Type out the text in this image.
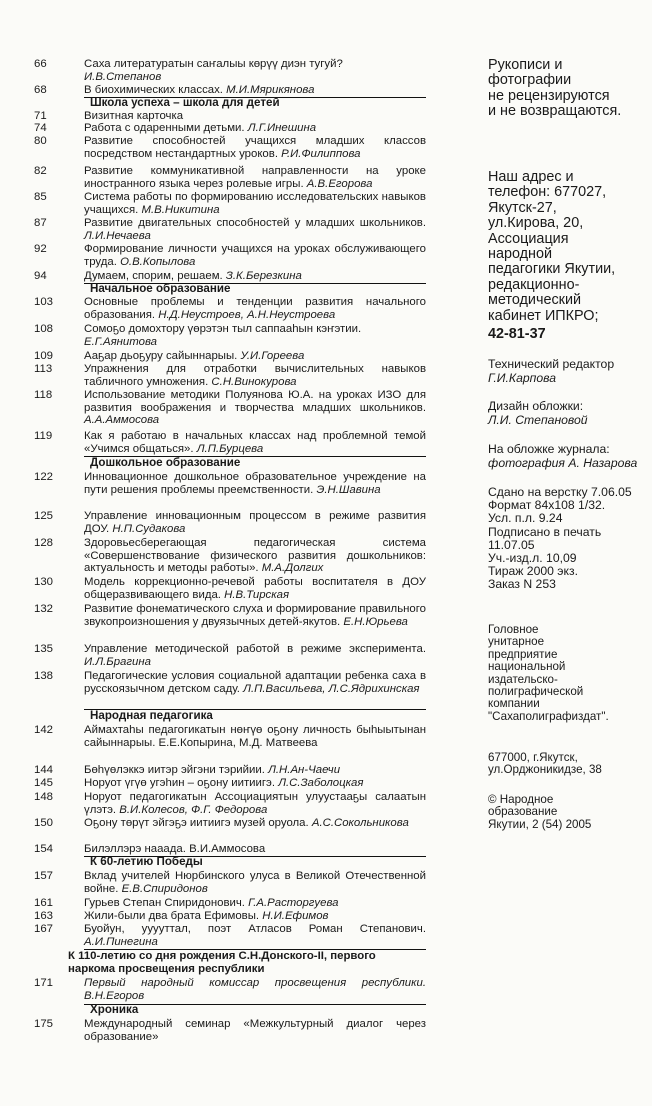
66	Саха литературатын саҥалыы көрүү диэн тугуй?
И.В.Степанов
68	В биохимических классах. М.И.Мярикянова
Школа успеха – школа для детей
71	Визитная карточка
74	Работа с одаренными детьми. Л.Г.Инешина
80	Развитие способностей учащихся младших классов посредством нестандартных уроков. Р.И.Филиппова
82	Развитие коммуникативной направленности на уроке иностранного языка через ролевые игры. А.В.Егорова
85	Система работы по формированию исследовательских навыков учащихся. М.В.Никитина
87	Развитие двигательных способностей у младших школьников. Л.И.Нечаева
92	Формирование личности учащихся на уроках обслуживающего труда. О.В.Копылова
94	Думаем, спорим, решаем. З.К.Березкина
Начальное образование
103	Основные проблемы и тенденции развития начального образования. Н.Д.Неустроев, А.Н.Неустроева
108	Сомоҕо домохтору үөрэтэн тыл саппааһын кэҥэтии.
Е.Г.Аянитова
109	Ааҕар дьоҕуру сайыннарыы. У.И.Гореева
113	Упражнения для отработки вычислительных навыков табличного умножения. С.Н.Винокурова
118	Использование методики Полуянова Ю.А. на уроках ИЗО для развития воображения и творчества младших школьников. А.А.Аммосова
119	Как я работаю в начальных классах над проблемной темой «Учимся общаться». Л.П.Бурцева
Дошкольное образование
122	Инновационное дошкольное образовательное учреждение на пути решения проблемы преемственности. Э.Н.Шавина
125	Управление инновационным процессом в режиме развития ДОУ. Н.П.Судакова
128	Здоровьесберегающая педагогическая система «Совершенствование физического развития дошкольников: актуальность и методы работы». М.А.Долгих
130	Модель коррекционно-речевой работы воспитателя в ДОУ общеразвивающего вида. Н.В.Тирская
132	Развитие фонематического слуха и формирование правильного звукопроизношения у двуязычных детей-якутов. Е.Н.Юрьева
135	Управление методической работой в режиме эксперимента. И.Л.Брагина
138	Педагогические условия социальной адаптации ребенка саха в русскоязычном детском саду. Л.П.Васильева, Л.С.Ядрихинская
Народная педагогика
142	Аймахтаһы педагогикатын нөҥүө оҕону личность быһыытынан сайыннарыы. Е.Е.Копырина, М.Д. Матвеева
144	Бөһүөлэккэ иитэр эйгэни тэрийии. Л.Н.Ан-Чаечи
145	Норуот үгүө угэһин – оҕону иитиигэ. Л.С.Заболоцкая
148	Норуот педагогикатын Ассоциациятын улуустааҕы салаатын үлэтэ. В.И.Колесов, Ф.Г. Федорова
150	Оҕону төрүт эйгэҕэ иитиигэ музей оруола. А.С.Сокольникова
154	Билэллэрэ нааада. В.И.Аммосова
К 60-летию Победы
157	Вклад учителей Нюрбинского улуса в Великой Отечественной войне. Е.В.Спиридонов
161	Гурьев Степан Спиридонович. Г.А.Расторгуева
163	Жили-были два брата Ефимовы. Н.И.Ефимов
167	Буойун, ууууттал, поэт Атласов Роман Степанович. А.И.Пинегина
К 110-летию со дня рождения С.Н.Донского-II, первого наркома просвещения республики
171	Первый народный комиссар просвещения республики. В.Н.Егоров
Хроника
175	Международный семинар «Межкультурный диалог через образование»
Рукописи и
фотографии
не рецензируются
и не возвращаются.
Наш адрес и
телефон: 677027,
Якутск-27,
ул.Кирова, 20,
Ассоциация
народной
педагогики Якутии,
редакционно-
методический
кабинет ИПКРО;
42-81-37
Технический редактор
Г.И.Карпова
Дизайн обложки:
Л.И. Степановой
На обложке журнала:
фотография А. Назарова
Сдано на верстку 7.06.05
Формат 84х108 1/32.
Усл. п.л. 9.24
Подписано в печать
11.07.05
Уч.-изд.л. 10,09
Тираж 2000 экз.
Заказ N 253
Головное
унитарное
предприятие
национальной
издательско-
полиграфической
компании
"Сахаполиграфиздат".
677000, г.Якутск,
ул.Орджоникидзе, 38
© Народное
образование
Якутии, 2 (54) 2005
